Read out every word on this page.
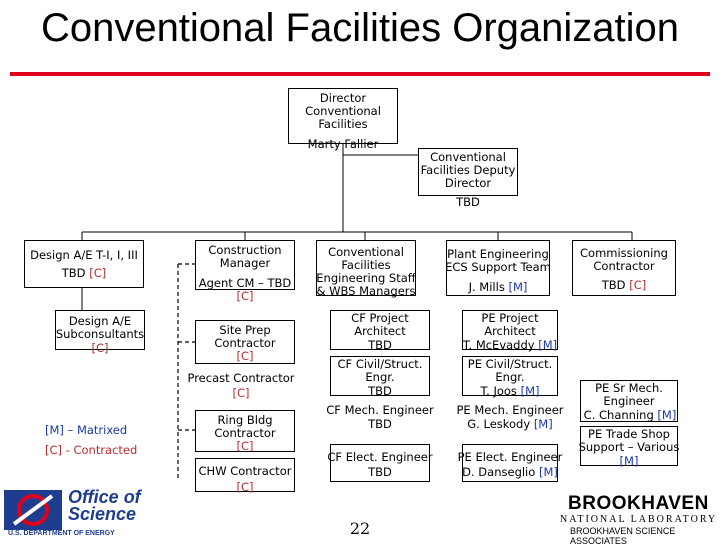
Conventional Facilities Organization
Director
Conventional
Facilities
Marty Fallier
Conventional
Facilities Deputy
Director
TBD
Design A/E T-I, I, III
TBD [C]
Design A/E
Subconsultants
[C]
[M] – Matrixed
[C] - Contracted
Construction
Manager
Agent CM – TBD
[C]
Site Prep
Contractor
[C]
Precast Contractor
[C]
Ring Bldg
Contractor
[C]
CHW Contractor
[C]
Conventional
Facilities
Engineering Staff
& WBS Managers
CF Project
Architect
TBD
CF Civil/Struct.
Engr.
TBD
CF Mech. Engineer
TBD
CF Elect. Engineer
TBD
Plant Engineering
ECS Support Team
J. Mills [M]
PE Project
Architect
T. McEvaddy [M]
PE Civil/Struct.
Engr.
T. Joos [M]
PE Mech. Engineer
G. Leskody [M]
PE Elect. Engineer
D. Danseglio [M]
Commissioning
Contractor
TBD [C]
PE Sr Mech.
Engineer
C. Channing [M]
PE Trade Shop
Support – Various
[M]
Office of
Science
U.S. DEPARTMENT OF ENERGY	22
BROOKHAVEN
NATIONAL LABORATORY
BROOKHAVEN SCIENCE
ASSOCIATES
